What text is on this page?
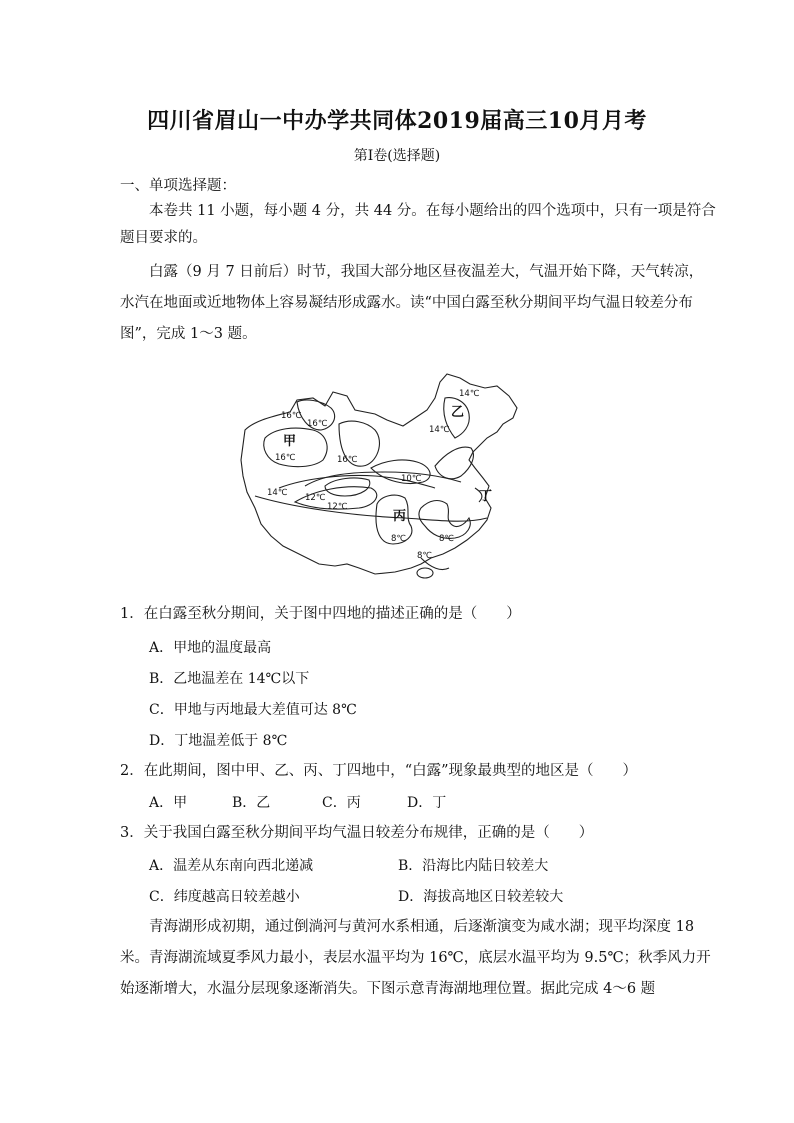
四川省眉山一中办学共同体2019届高三10月月考
第Ⅰ卷(选择题)
一、单项选择题：
本卷共 11 小题，每小题 4 分，共 44 分。在每小题给出的四个选项中，只有一项是符合
题目要求的。
白露（9 月 7 日前后）时节，我国大部分地区昼夜温差大，气温开始下降，天气转凉，
水汽在地面或近地物体上容易凝结形成露水。读“中国白露至秋分期间平均气温日较差分布
图”，完成 1～3 题。
甲
乙
丙
丁
14℃
16℃
16℃
14℃
16℃	16℃
10℃
14℃ 12℃
12℃
8℃	8℃
8℃
1．在白露至秋分期间，关于图中四地的描述正确的是（　　）
A．甲地的温度最高
B．乙地温差在 14℃以下
C．甲地与丙地最大差值可达 8℃
D．丁地温差低于 8℃
2．在此期间，图中甲、乙、丙、丁四地中，“白露”现象最典型的地区是（　　）
A．甲	B．乙	C．丙	D．丁
3．关于我国白露至秋分期间平均气温日较差分布规律，正确的是（　　）
A．温差从东南向西北递减	B．沿海比内陆日较差大
C．纬度越高日较差越小	D．海拔高地区日较差较大
青海湖形成初期，通过倒淌河与黄河水系相通，后逐渐演变为咸水湖；现平均深度 18
米。青海湖流域夏季风力最小，表层水温平均为 16℃，底层水温平均为 9.5℃；秋季风力开
始逐渐增大，水温分层现象逐渐消失。下图示意青海湖地理位置。据此完成 4～6 题
